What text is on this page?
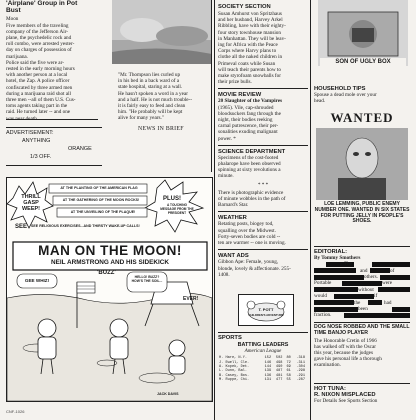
'Airplane' Group in Pot Bust

Moon

Five members of the traveling

company of the Jefferson Air-

plane, the psychedelic rock and

roll combo, were arrested yester-

day on charges of possession of

marijuana.

Police said the five were ar-

rested in the early morning hours

with another person at a local

hotel, the Zap. A police officer

confiscated by three armed men

during a marijuana raid shot all

three men --all of them U.S. Cus-

toms agents taking part in the

raid. He turned later -- and one

ADVERTISEMENT:

ANYTHING

ORANGE

1/3 OFF.

"Mr. Thompson lies curled up

in his bed in a back ward of a

state hospital, staring at a wall.

He hasn't spoken a word in a year

and a half. He is not much trouble--

it is fairly easy to feed and clean

him. "He probably will be kept

alive for many years."

NEWS IN BRIEF
THRILL
GASP
WEEP!
AT THE PLANTING OF THE AMERICAN FLAG
AT THE GATHERING OF THE MOON ROCKS!
AT THE UNVEILING OF THE PLAQUE!
PLUS!
A TOUCHING MESSAGE FROM THE PRESIDENT
SEE SEE RELIGIOUS EXERCISES...AND THIRSTY WAKE-UP CALLS!
MAN ON THE MOON!
NEIL ARMSTRONG AND HIS SIDEKICK
'BUZZ'
HELLO! BUZZ? HOW'S THE SOIL...
GEE WHIZ!
EVER!
JACK DAVIS
SOCIETY SECTION

Susan Amhurst von Spritzhaus

and her husband, Harvey Arkel

Ribbling, have with their eighty-

four story townhouse mansion

in Manhattan. They will be leav-

ing for Africa with the Peace

Corps where Harvy plans to

clothe all the naked children in

Primeval coats while Susan

will teach their parents how to

make styrofoam snowballs for

their prize bulls.

MOVIE REVIEW

20 Slaughter of the Vampires

(1965). Vile, cap-shrouded

bloodsuckers fang through the

night, their bodies reeking

carnal putrescence, their per-

sonalities exuding malignant

power. *

SCIENCE DEPARTMENT

Specimens of the cost-footed

phalarope have been observed

spinning at sixty revolutions a

minute.

* * *

There is photographic evidence

of minute wobbles in the path of

Barnard's Star.

WEATHER

Retating posts, biogey tod,

squalling over the Midwest.

Forty-seven bodies are cold --

ten are warmer -- one is moving.

WANT ADS

Gibbon Ape: Female, young,

blonde, lovely & affectionate. 255-

1408.

T. POTT
CHILDREN'S ADVENTURE
SPORTS
BATTING LEADERS

American League

H. Hare, N.Y.	152	502	80	.318
J. Ewell, Cle.	146	498	72	.311
A. Kopek, Det.	144	490	69	.304
L. Dunn, Bal.	139	487	61	.298
B. Casey, Bos.	136	481	58	.291
M. Ruppe, Chi.	131	477	55	.287
SON OF UGLY BOX
HOUSEHOLD TIPS

Spouse a dead mole over your

head.

WANTED

LOE LEMMING, PUBLIC ENEMY NUMBER ONE. WANTED IN SIX STATES FOR PUTTING JELLY IN PEOPLE'S SHOES.

EDITORIAL:

By Tommy Smothers

The
and	of
others.
Portable	were
without
would	if
the	had
been
fraction.
DOG NOSE ROBBED AND THE SMALL TIME BANJO PLAYER

The Honorable Cretin of 1966

has walked off with the Oscar

this year, because the judges

gave his personal life a thorough

examination.

HOT TUNA:
R. NIXON MISPLACED

For Details See Sports Section

CNF-1026
